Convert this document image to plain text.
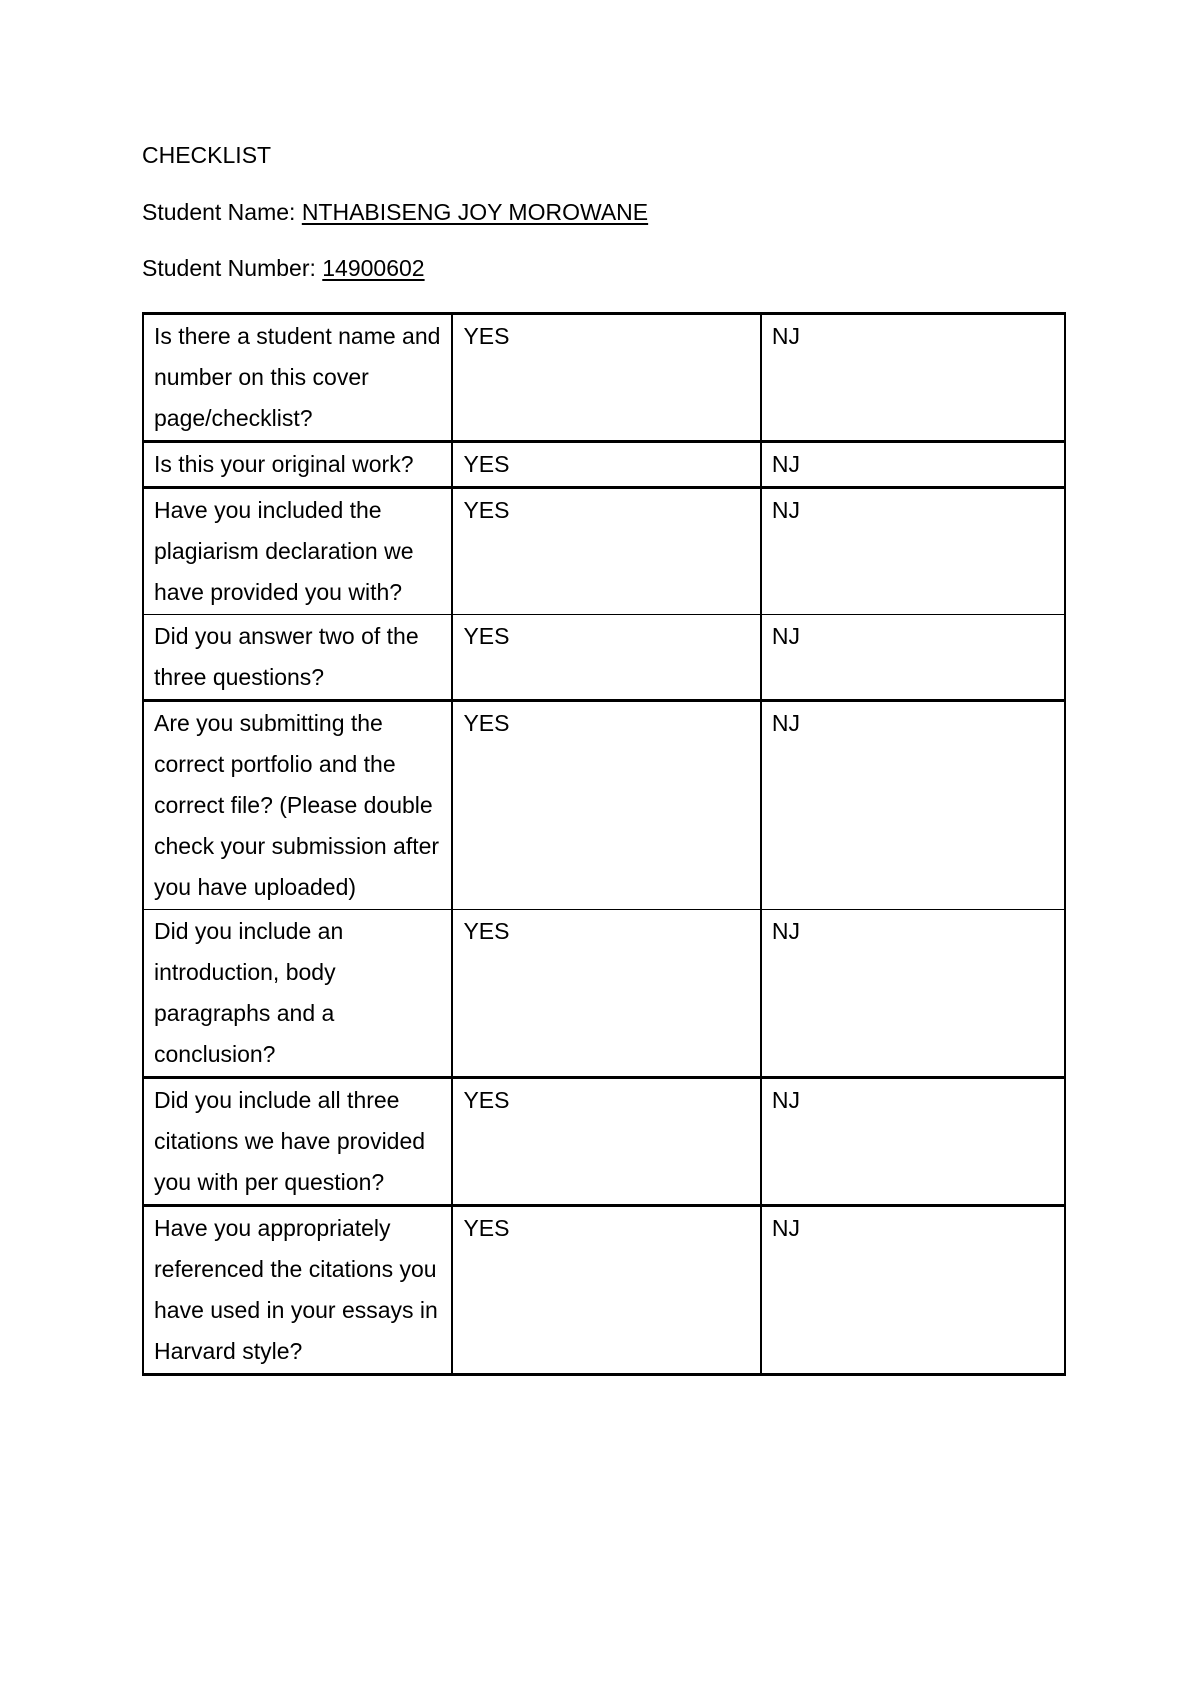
CHECKLIST
Student Name: NTHABISENG JOY MOROWANE
Student Number: 14900602
Is there a student name and number on this cover page/checklist?	YES	NJ
Is this your original work?	YES	NJ
Have you included the plagiarism declaration we have provided you with?	YES	NJ
Did you answer two of the three questions?	YES	NJ
Are you submitting the correct portfolio and the correct file? (Please double check your submission after you have uploaded)	YES	NJ
Did you include an introduction, body paragraphs and a conclusion?	YES	NJ
Did you include all three citations we have provided you with per question?	YES	NJ
Have you appropriately referenced the citations you have used in your essays in Harvard style?	YES	NJ
